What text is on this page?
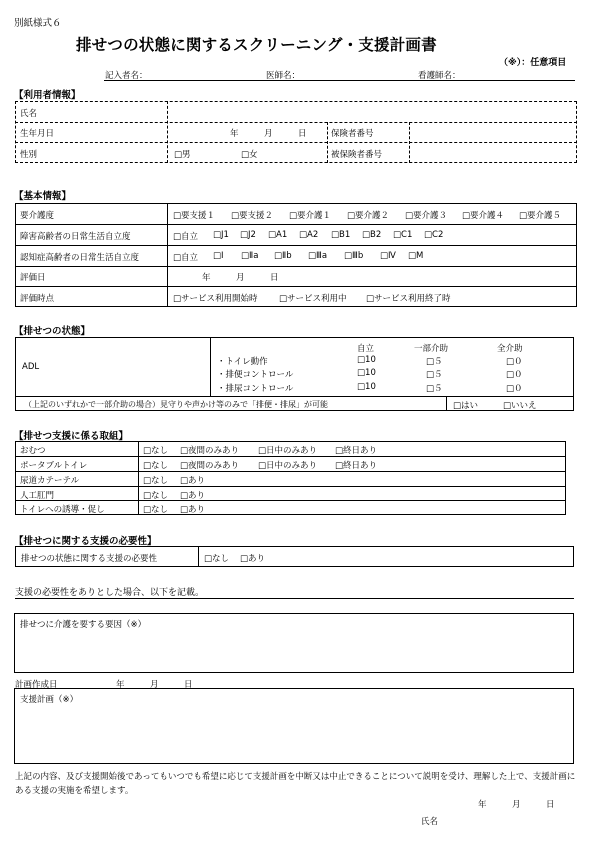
別紙様式６
排せつの状態に関するスクリーニング・支援計画書
（※）：任意項目
記入者名：	医師名：	看護師名：
【利用者情報】
氏名
生年月日	年　　　月　　　日	保険者番号
性別	□男	□女	被保険者番号
【基本情報】
要介護度	□要支援１ □要支援２ □要介護１ □要介護２ □要介護３ □要介護４ □要介護５
障害高齢者の日常生活自立度	□自立 □J1 □J2 □A1 □A2 □B1 □B2 □C1 □C2
認知症高齢者の日常生活自立度	□自立 □Ⅰ □Ⅱa □Ⅱb □Ⅲa □Ⅲb □Ⅳ □M
評価日	年　　　月　　　日
評価時点	□サービス利用開始時	□サービス利用中 □サービス利用終了時
【排せつの状態】
ADL
自立	一部介助	全介助
・トイレ動作	□10	□５	□０
・排便コントロール	□10	□５	□０
・排尿コントロール	□10	□５	□０
（上記のいずれかで一部介助の場合）見守りや声かけ等のみで「排便・排尿」が可能	□はい	□いいえ
【排せつ支援に係る取組】
おむつ	□なし □夜間のみあり □日中のみあり □終日あり
ポータブルトイレ	□なし □夜間のみあり □日中のみあり □終日あり
尿道カテーテル	□なし □あり
人工肛門	□なし □あり
トイレへの誘導・促し	□なし □あり
【排せつに関する支援の必要性】
排せつの状態に関する支援の必要性	□なし □あり
支援の必要性をありとした場合、以下を記載。
排せつに介護を要する要因（※）
計画作成日	年　　　月　　　日
支援計画（※）
上記の内容、及び支援開始後であってもいつでも希望に応じて支援計画を中断又は中止できることについて説明を受け、理解した上で、支援計画にある支援の実施を希望します。
年　　　月　　　日
氏名
